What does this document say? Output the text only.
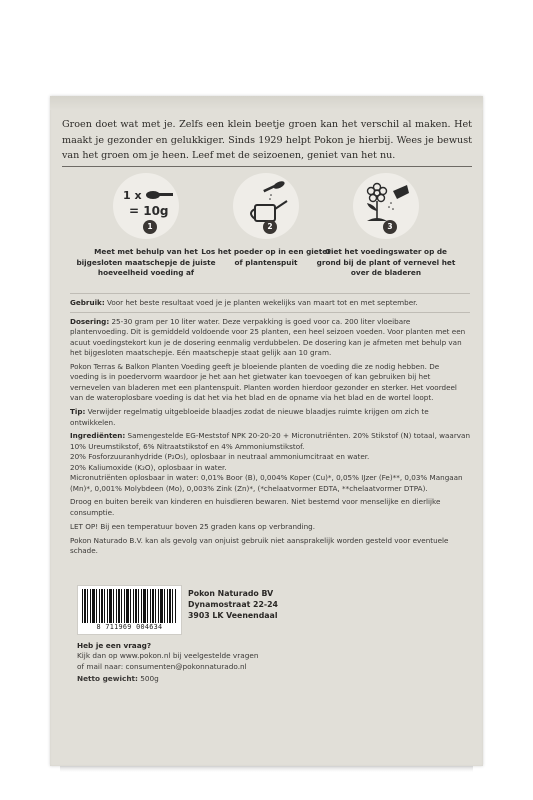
Groen doet wat met je. Zelfs een klein beetje groen kan het verschil al maken. Het maakt je gezonder en gelukkiger. Sinds 1929 helpt Pokon je hierbij. Wees je bewust van het groen om je heen. Leef met de seizoenen, geniet van het nu.
1 x
= 10g
1
Meet met behulp van het bijgesloten maatschepje de juiste hoeveelheid voeding af
2
Los het poeder op in een gieter of plantenspuit
3
Giet het voedingswater op de grond bij de plant of vernevel het over de bladeren

Gebruik: Voor het beste resultaat voed je je planten wekelijks van maart tot en met september.

Dosering: 25-30 gram per 10 liter water. Deze verpakking is goed voor ca. 200 liter vloeibare plantenvoeding. Dit is gemiddeld voldoende voor 25 planten, een heel seizoen voeden. Voor planten met een acuut voedingstekort kun je de dosering eenmalig verdubbelen. De dosering kan je afmeten met behulp van het bijgesloten maatschepje. Eén maatschepje staat gelijk aan 10 gram.

Pokon Terras & Balkon Planten Voeding geeft je bloeiende planten de voeding die ze nodig hebben. De voeding is in poedervorm waardoor je het aan het gietwater kan toevoegen of kan gebruiken bij het vernevelen van bladeren met een plantenspuit. Planten worden hierdoor gezonder en sterker. Het voordeel van de wateroplosbare voeding is dat het via het blad en de opname via het blad en de wortel loopt.

Tip: Verwijder regelmatig uitgebloeide blaadjes zodat de nieuwe blaadjes ruimte krijgen om zich te ontwikkelen.

Ingrediënten: Samengestelde EG-Meststof NPK 20-20-20 + Micronutriënten. 20% Stikstof (N) totaal, waarvan 10% Ureumstikstof, 6% Nitraatstikstof en 4% Ammoniumstikstof.
20% Fosforzuuranhydride (P₂O₅), oplosbaar in neutraal ammoniumcitraat en water.
20% Kaliumoxide (K₂O), oplosbaar in water.
Micronutriënten oplosbaar in water: 0,01% Boor (B), 0,004% Koper (Cu)*, 0,05% IJzer (Fe)**, 0,03% Mangaan (Mn)*, 0,001% Molybdeen (Mo), 0,003% Zink (Zn)*, (*chelaatvormer EDTA, **chelaatvormer DTPA).

Droog en buiten bereik van kinderen en huisdieren bewaren. Niet bestemd voor menselijke en dierlijke consumptie.

LET OP! Bij een temperatuur boven 25 graden kans op verbranding.

Pokon Naturado B.V. kan als gevolg van onjuist gebruik niet aansprakelijk worden gesteld voor eventuele schade.

8 711969 004634
Pokon Naturado BV
Dynamostraat 22-24
3903 LK Veenendaal
Heb je een vraag?
Kijk dan op www.pokon.nl bij veelgestelde vragen
of mail naar: consumenten@pokonnaturado.nl
Netto gewicht: 500g
